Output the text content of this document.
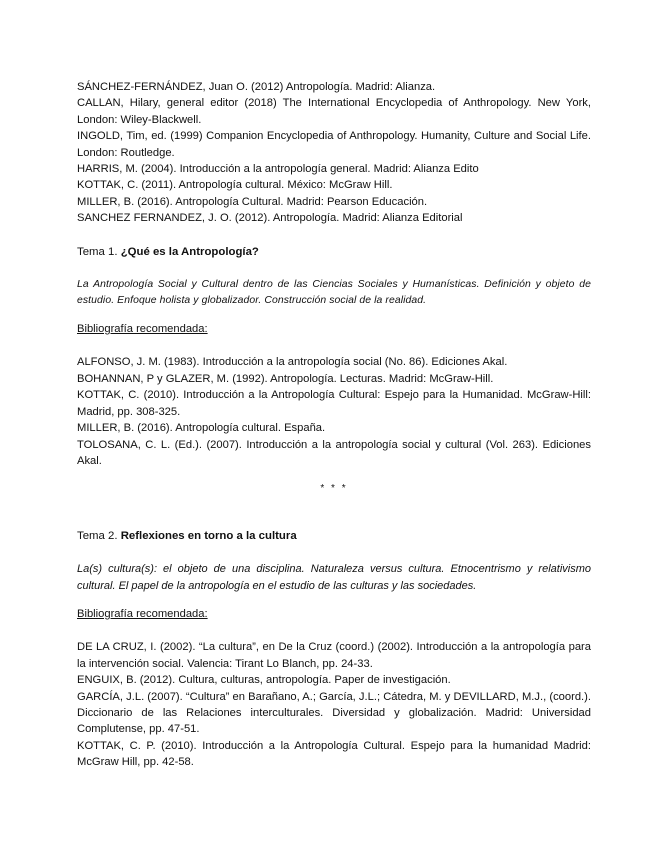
SÁNCHEZ-FERNÁNDEZ, Juan O. (2012) Antropología. Madrid: Alianza.

CALLAN, Hilary, general editor (2018) The International Encyclopedia of Anthropology. New York, London: Wiley-Blackwell.

INGOLD, Tim, ed. (1999) Companion Encyclopedia of Anthropology. Humanity, Culture and Social Life. London: Routledge.

HARRIS, M. (2004). Introducción a la antropología general. Madrid: Alianza Edito

KOTTAK, C. (2011). Antropología cultural. México: McGraw Hill.

MILLER, B. (2016). Antropología Cultural. Madrid: Pearson Educación.

SANCHEZ FERNANDEZ, J. O. (2012). Antropología. Madrid: Alianza Editorial

Tema 1. ¿Qué es la Antropología?

La Antropología Social y Cultural dentro de las Ciencias Sociales y Humanísticas. Definición y objeto de estudio. Enfoque holista y globalizador. Construcción social de la realidad.

Bibliografía recomendada:

ALFONSO, J. M. (1983). Introducción a la antropología social (No. 86). Ediciones Akal.

BOHANNAN, P y GLAZER, M. (1992). Antropología. Lecturas. Madrid: McGraw-Hill.

KOTTAK, C. (2010). Introducción a la Antropología Cultural: Espejo para la Humanidad. McGraw-Hill: Madrid, pp. 308-325.

MILLER, B. (2016). Antropología cultural. España.

TOLOSANA, C. L. (Ed.). (2007). Introducción a la antropología social y cultural (Vol. 263). Ediciones Akal.

* * *

Tema 2. Reflexiones en torno a la cultura

La(s) cultura(s): el objeto de una disciplina. Naturaleza versus cultura. Etnocentrismo y relativismo cultural. El papel de la antropología en el estudio de las culturas y las sociedades.

Bibliografía recomendada:

DE LA CRUZ, I. (2002). “La cultura”, en De la Cruz (coord.) (2002). Introducción a la antropología para la intervención social. Valencia: Tirant Lo Blanch, pp. 24-33.

ENGUIX, B. (2012). Cultura, culturas, antropología. Paper de investigación.

GARCÍA, J.L. (2007). “Cultura” en Barañano, A.; García, J.L.; Cátedra, M. y DEVILLARD, M.J., (coord.). Diccionario de las Relaciones interculturales. Diversidad y globalización. Madrid: Universidad Complutense, pp. 47-51.

KOTTAK, C. P. (2010). Introducción a la Antropología Cultural. Espejo para la humanidad Madrid: McGraw Hill, pp. 42-58.
